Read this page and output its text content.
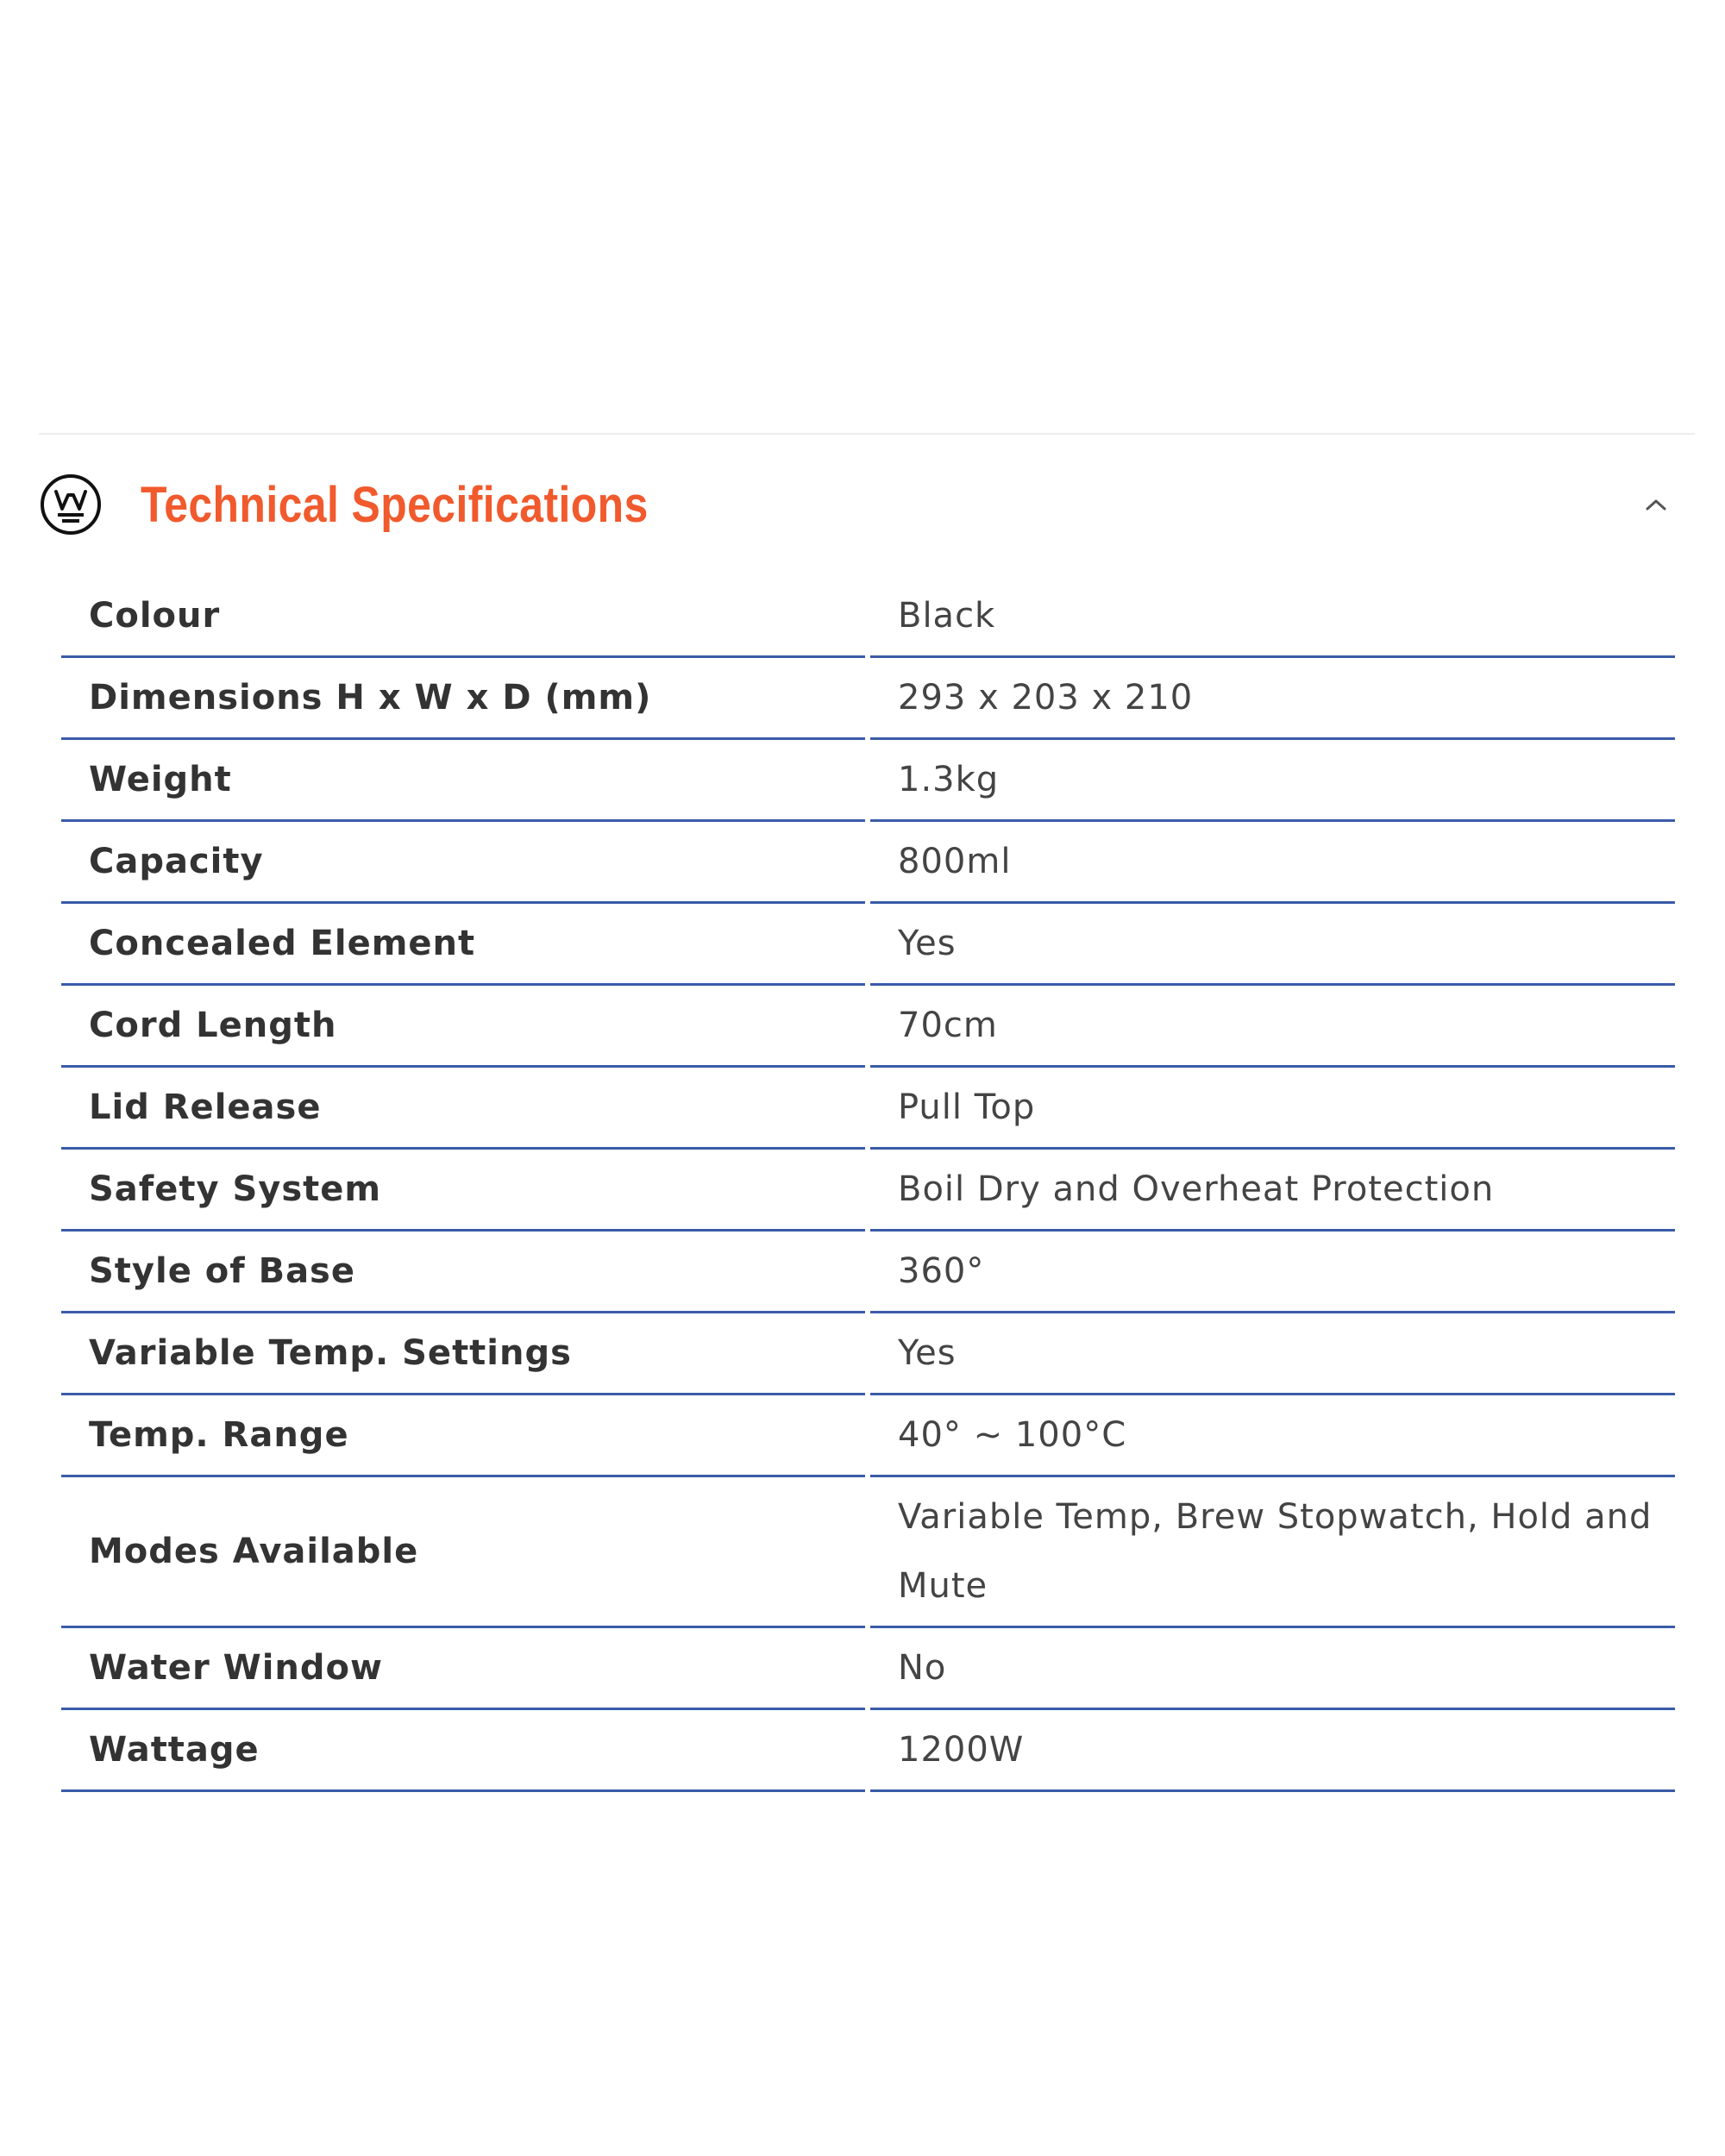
Technical Specifications
Colour	Black
Dimensions H x W x D (mm)	293 x 203 x 210
Weight	1.3kg
Capacity	800ml
Concealed Element	Yes
Cord Length	70cm
Lid Release	Pull Top
Safety System	Boil Dry and Overheat Protection
Style of Base	360°
Variable Temp. Settings	Yes
Temp. Range	40° ~ 100°C
Modes Available	Variable Temp, Brew Stopwatch, Hold and Mute
Water Window	No
Wattage	1200W
